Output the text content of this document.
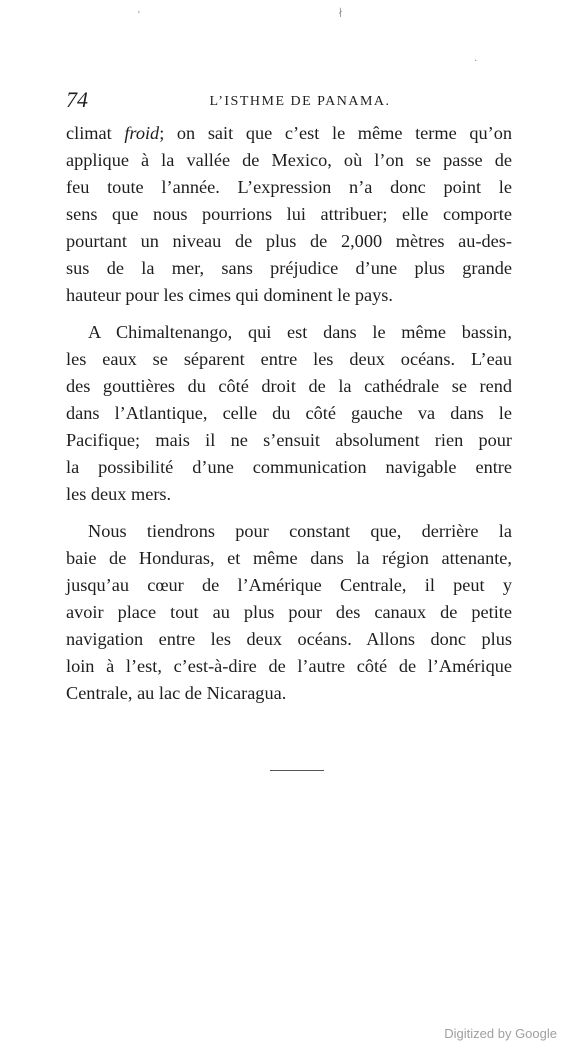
'	∤
·
74	L’ISTHME DE PANAMA.
climat froid; on sait que c’est le même terme qu’on
applique à la vallée de Mexico, où l’on se passe de
feu toute l’année. L’expression n’a donc point le
sens que nous pourrions lui attribuer; elle comporte
pourtant un niveau de plus de 2,000 mètres au-des-
sus de la mer, sans préjudice d’une plus grande
hauteur pour les cimes qui dominent le pays.
A Chimaltenango, qui est dans le même bassin,
les eaux se séparent entre les deux océans. L’eau
des gouttières du côté droit de la cathédrale se rend
dans l’Atlantique, celle du côté gauche va dans le
Pacifique; mais il ne s’ensuit absolument rien pour
la possibilité d’une communication navigable entre
les deux mers.
Nous tiendrons pour constant que, derrière la
baie de Honduras, et même dans la région attenante,
jusqu’au cœur de l’Amérique Centrale, il peut y
avoir place tout au plus pour des canaux de petite
navigation entre les deux océans. Allons donc plus
loin à l’est, c’est-à-dire de l’autre côté de l’Amérique
Centrale, au lac de Nicaragua.
Digitized by Google
